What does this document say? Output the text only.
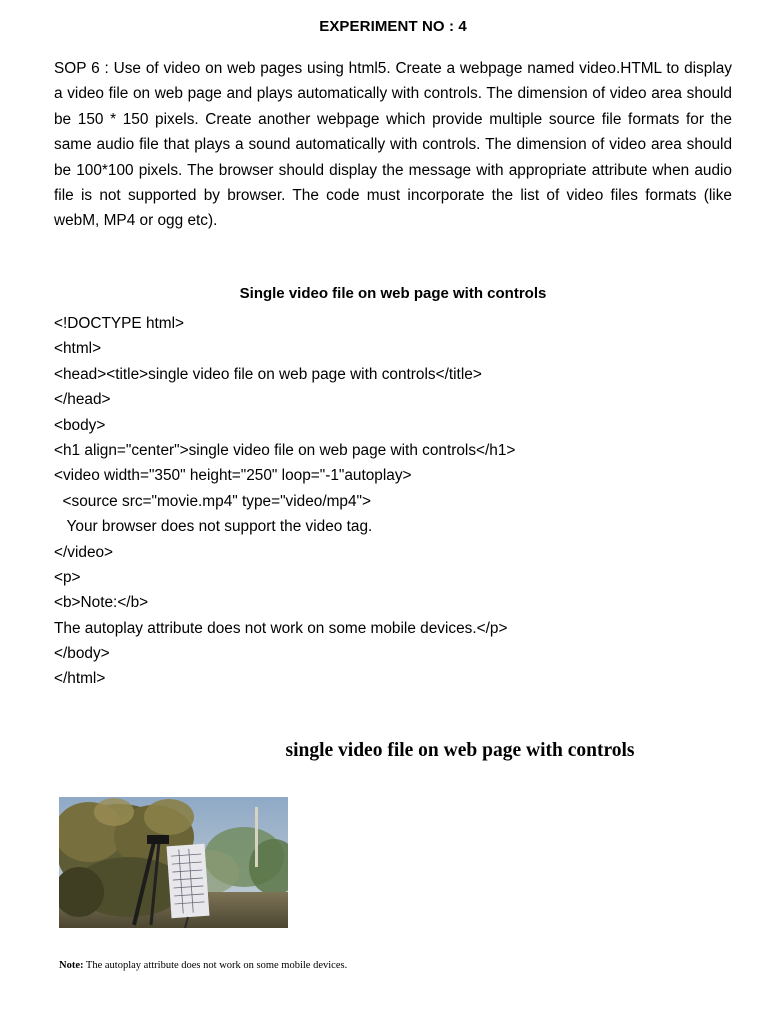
EXPERIMENT NO : 4

SOP 6 : Use of video on web pages using html5. Create a webpage named video.HTML to display a video file on web page and plays automatically with controls. The dimension of video area should be 150 * 150 pixels. Create another webpage which provide multiple source file formats for the same audio file that plays a sound automatically with controls. The dimension of video area should be 100*100 pixels. The browser should display the message with appropriate attribute when audio file is not supported by browser. The code must incorporate the list of video files formats (like webM, MP4 or ogg etc).

Single video file on web page with controls
<!DOCTYPE html>
<html>
<head><title>single video file on web page with controls</title>
</head>
<body>
<h1 align="center">single video file on web page with controls</h1>
<video width="350" height="250" loop="-1"autoplay>
<source src="movie.mp4" type="video/mp4">
Your browser does not support the video tag.
</video>
<p>
<b>Note:</b>
The autoplay attribute does not work on some mobile devices.</p>
</body>
</html>
single video file on web page with controls
Note: The autoplay attribute does not work on some mobile devices.
